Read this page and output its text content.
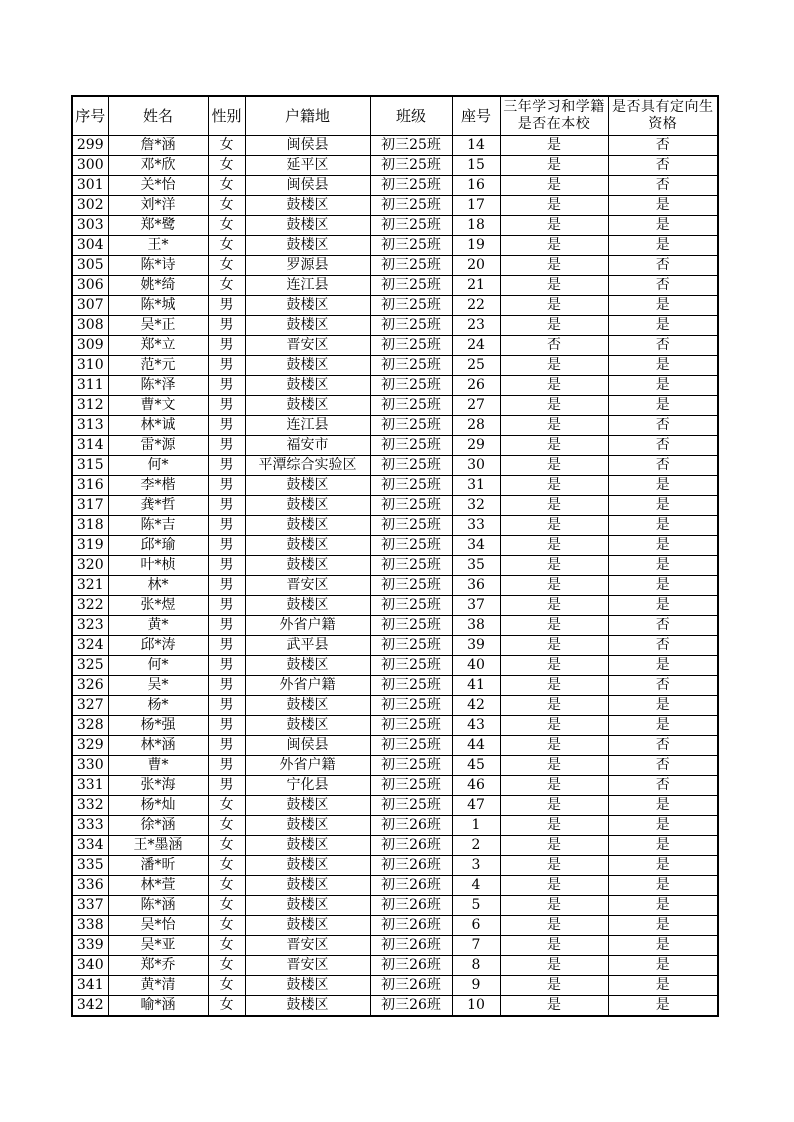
序号	姓名	性别	户籍地	班级	座号	三年学习和学籍是否在本校	是否具有定向生资格
299	詹*涵	女	闽侯县	初三25班	14	是	否
300	邓*欣	女	延平区	初三25班	15	是	否
301	关*怡	女	闽侯县	初三25班	16	是	否
302	刘*洋	女	鼓楼区	初三25班	17	是	是
303	郑*鹭	女	鼓楼区	初三25班	18	是	是
304	王*	女	鼓楼区	初三25班	19	是	是
305	陈*诗	女	罗源县	初三25班	20	是	否
306	姚*绮	女	连江县	初三25班	21	是	否
307	陈*城	男	鼓楼区	初三25班	22	是	是
308	吴*正	男	鼓楼区	初三25班	23	是	是
309	郑*立	男	晋安区	初三25班	24	否	否
310	范*元	男	鼓楼区	初三25班	25	是	是
311	陈*泽	男	鼓楼区	初三25班	26	是	是
312	曹*文	男	鼓楼区	初三25班	27	是	是
313	林*诚	男	连江县	初三25班	28	是	否
314	雷*源	男	福安市	初三25班	29	是	否
315	何*	男	平潭综合实验区	初三25班	30	是	否
316	李*楷	男	鼓楼区	初三25班	31	是	是
317	龚*哲	男	鼓楼区	初三25班	32	是	是
318	陈*吉	男	鼓楼区	初三25班	33	是	是
319	邱*瑜	男	鼓楼区	初三25班	34	是	是
320	叶*桢	男	鼓楼区	初三25班	35	是	是
321	林*	男	晋安区	初三25班	36	是	是
322	张*煜	男	鼓楼区	初三25班	37	是	是
323	黄*	男	外省户籍	初三25班	38	是	否
324	邱*涛	男	武平县	初三25班	39	是	否
325	何*	男	鼓楼区	初三25班	40	是	是
326	吴*	男	外省户籍	初三25班	41	是	否
327	杨*	男	鼓楼区	初三25班	42	是	是
328	杨*强	男	鼓楼区	初三25班	43	是	是
329	林*涵	男	闽侯县	初三25班	44	是	否
330	曹*	男	外省户籍	初三25班	45	是	否
331	张*海	男	宁化县	初三25班	46	是	否
332	杨*灿	女	鼓楼区	初三25班	47	是	是
333	徐*涵	女	鼓楼区	初三26班	1	是	是
334	王*墨涵	女	鼓楼区	初三26班	2	是	是
335	潘*昕	女	鼓楼区	初三26班	3	是	是
336	林*萱	女	鼓楼区	初三26班	4	是	是
337	陈*涵	女	鼓楼区	初三26班	5	是	是
338	吴*怡	女	鼓楼区	初三26班	6	是	是
339	吴*亚	女	晋安区	初三26班	7	是	是
340	郑*乔	女	晋安区	初三26班	8	是	是
341	黄*清	女	鼓楼区	初三26班	9	是	是
342	喻*涵	女	鼓楼区	初三26班	10	是	是
